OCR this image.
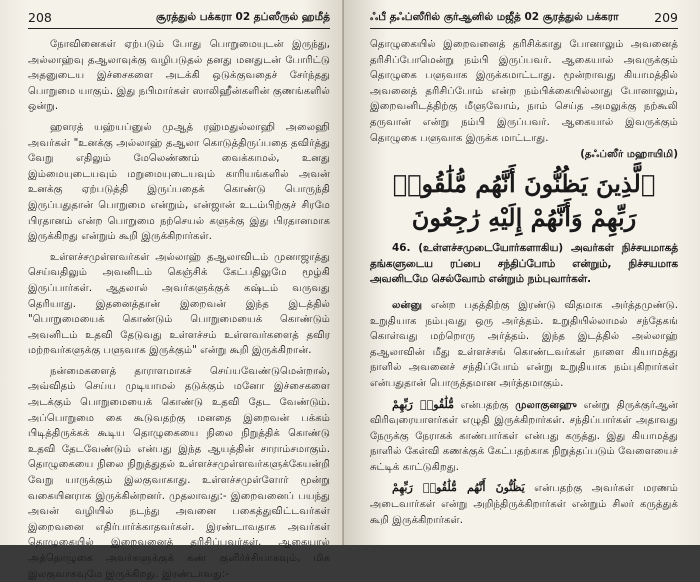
208	சூரத்துல் பக்கரா 02 தப்ஸீருல் ஹமீத்

நோவினைகள் ஏற்படும் போது பொறுமையுடன் இருந்து, அல்லாஹ்வு தஆலாவுக்கு வழிபடுதல் தனது மனதுடன் போரிட்டு அதனுடைய இச்சைகளை அடக்கி ஒடுக்குவதைச் சேர்ந்தது பொறுமை யாகும். இது நபிமார்கள் ஸாலிஹீன்களின் குணங்களில் ஒன்று.

ஹளரத் யஹ்யப்னுல் முஆத் ரஹ்மதுல்லாஹி அலைஹி அவர்கள் "உனக்கு அல்லாஹ் தஆலா கொடுத்திருப்பதை தவிர்த்து வேறு எதிலும் மேலெண்ணம் வைக்காமல், உனது இம்மையுடையவும் மறுமையுடையவும் காரியங்களில் அவன் உனக்கு ஏற்படுத்தி இருப்பதைக் கொண்டு பொருந்தி இருப்பதுதான் பொறுமை என்றும், என்ஜான் உடம்பிற்குச் சிரமே பிரதானம் என்ற பொறுமை நற்செயல் களுக்கு இது பிரதானமாக இருக்கிறது என்றும் கூறி இருக்கிறார்கள்.

உள்ளச்சமுள்ளவர்கள் அல்லாஹ் தஆலாவிடம் முனாஜாத்து செய்வதிலும் அவனிடம் கெஞ்சிக் கேட்பதிலுமே மூழ்கி இருப்பார்கள். ஆதலால் அவர்களுக்குக் கஷ்டம் வருவது தெரியாது. இதனைத்தான் இறைவன் இந்த இடத்தில் "பொறுமையைக் கொண்டும் பொறுமையைக் கொண்டும் அவனிடம் உதவி தேடுவது உள்ளச்சம் உள்ளவர்களைத் தவிர மற்றவர்களுக்கு பளுவாக இருக்கும்" என்று கூறி இருக்கிறான்.

நன்மைகளைத் தாராளமாகச் செய்யவேண்டுமென்றால், அவ்விதம் செய்ய முடியாமல் தடுக்கும் மனோ இச்சைகளை அடக்கும் பொறுமையைக் கொண்டு உதவி தேட வேண்டும். அப்பொறுமை கை கூடுவதற்கு மனதை இறைவன் பக்கம் பிடித்திருக்கக் கூடிய தொழுகையை நிலை நிறுத்திக் கொண்டு உதவி தேடவேண்டும் என்பது இந்த ஆயத்தின் சாராம்சமாகும். தொழுகையை நிலை நிறுத்துதல் உள்ளச்சமுள்ளவர்களுக்கேயன்றி வேறு யாருக்கும் இலகுவாகாது. உள்ளச்சமுள்ளோர் மூன்று வகையினராக இருக்கின்றனர். முதலாவது:- இறைவனைப் பயந்து அவன் வழியில் நடந்து அவனை பகைத்துவிட்டவர்கள் இறைவனை எதிர்பார்க்காதவர்கள். இரண்டாவதாக அவர்கள் தொழுகையில் இறைவனைத் தரிசிப்பவர்கள். ஆகையால் அத்தொழுகை அவர்களுக்குக் கண் குளிர்ச்சியாகவும், மிக இலகுவாகவுமே இருக்கிறது. இரண்டாவது:-

ஃபீ தஃப்ஸீரில் குர்ஆனில் மஜீத் 02 சூரத்துல் பக்கரா	209

தொழுகையில் இறைவனைத் தரிசிக்காது போனாலும் அவனைத் தரிசிப்போமென்று நம்பி இருப்பவர். ஆகையால் அவருக்கும் தொழுகை பளுவாக இருக்கமாட்டாது. மூன்றாவது கியாமத்தில் அவனைத் தரிசிப்போம் என்ற நம்பிக்கையில்லாது போனாலும், இறைவனிடத்திற்கு மீளுவோம், நாம் செய்த அமலுக்கு நற்கூலி தருவான் என்று நம்பி இருப்பவர். ஆகையால் இவருக்கும் தொழுகை பளுவாக இருக்க மாட்டாது.

(தஃப்ஸீர் மஹாயிமி)
ٱلَّذِينَ يَظُنُّونَ أَنَّهُم مُّلَٰقُوا۟ رَبِّهِمْ وَأَنَّهُمْ إِلَيْهِ رَٰجِعُونَ

46. (உள்ளச்சமுடையோர்களாகிய) அவர்கள் நிச்சயமாகத் தங்களுடைய ரப்பை சந்திப்போம் என்றும், நிச்சயமாக அவனிடமே செல்வோம் என்றும் நம்புவார்கள்.

லன்னு என்ற பதத்திற்கு இரண்டு விதமாக அர்த்தமுண்டு. உறுதியாக நம்புவது ஒரு அர்த்தம். உறுதியில்லாமல் சந்தேகங் கொள்வது மற்றொரு அர்த்தம். இந்த இடத்தில் அல்லாஹ் தஆலாவின் மீது உள்ளச்சங் கொண்டவர்கள் நாளை கியாமத்து நாளில் அவனைச் சந்திப்போம் என்று உறுதியாக நம்புகிறார்கள் என்பதுதான் பொருத்தமான அர்த்தமாகும்.

مُّلَٰقُوا۟ رَبِّهِمْ என்பதற்கு முலாகுனஹு என்று திருக்குர்ஆன் விரிவுரையாளர்கள் எழுதி இருக்கிறார்கள். சந்திப்பார்கள் அதாவது நேருக்கு நேராகக் காண்பார்கள் என்பது கருத்து. இது கியாமத்து நாளில் கேள்வி கணக்குக் கேட்பதற்காக நிறுத்தப்படும் வேளையைச் சுட்டிக் காட்டுகிறது.

يَظُنُّونَ أَنَّهُم مُّلَٰقُوا۟ رَبِّهِمْ என்பதற்கு அவர்கள் மரணம் அடைவார்கள் என்று அறிந்திருக்கிறார்கள் என்றும் சிலர் கருத்துக் கூறி இருக்கிறார்கள்.
